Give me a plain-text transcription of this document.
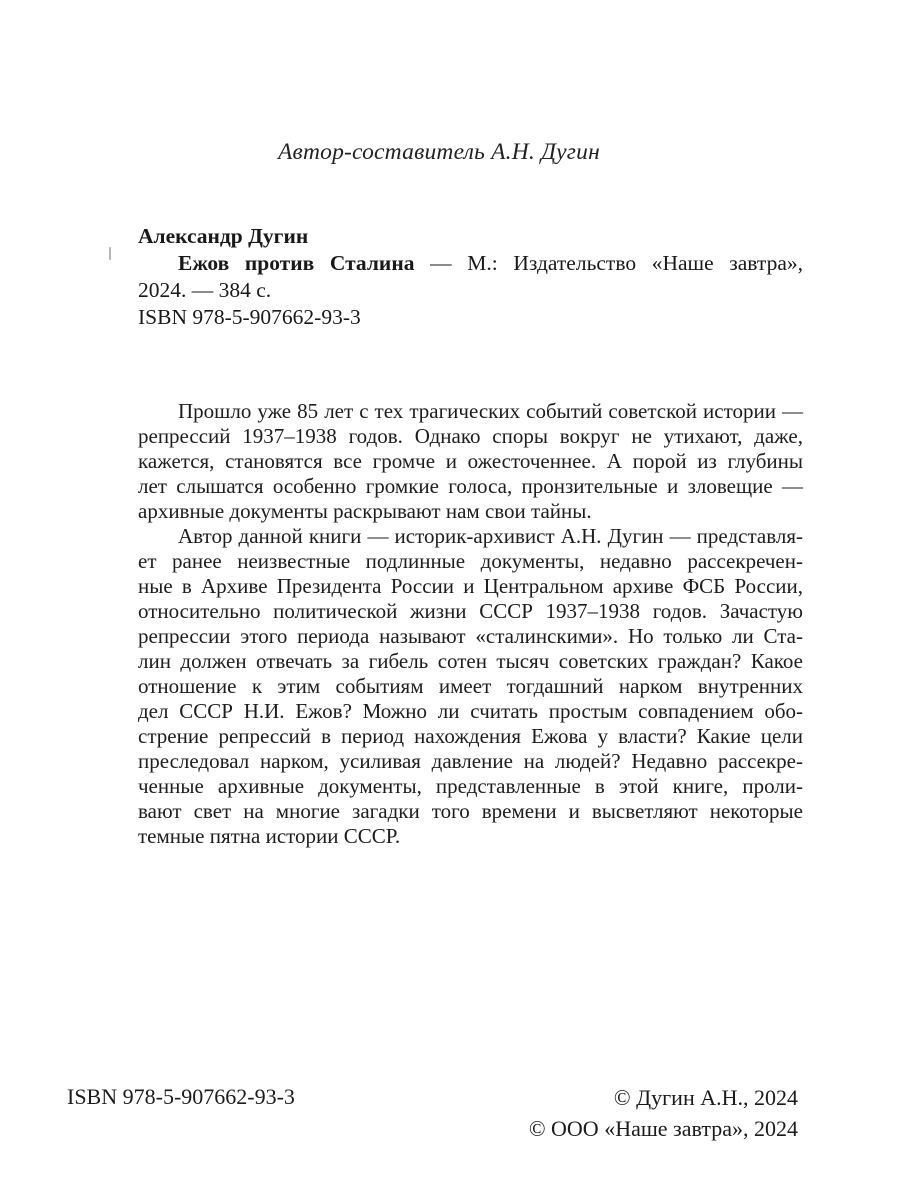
Автор-составитель А.Н. Дугин
Александр Дугин
Ежов против Сталина — М.: Издательство «Наше завтра»,
2024. — 384 с.
ISBN 978-5-907662-93-3
Прошло уже 85 лет с тех трагических событий советской истории —
репрессий 1937–1938 годов. Однако споры вокруг не утихают, даже,
кажется, становятся все громче и ожесточеннее. А порой из глубины
лет слышатся особенно громкие голоса, пронзительные и зловещие —
архивные документы раскрывают нам свои тайны.
Автор данной книги — историк-архивист А.Н. Дугин — представля-
ет ранее неизвестные подлинные документы, недавно рассекречен-
ные в Архиве Президента России и Центральном архиве ФСБ России,
относительно политической жизни СССР 1937–1938 годов. Зачастую
репрессии этого периода называют «сталинскими». Но только ли Ста-
лин должен отвечать за гибель сотен тысяч советских граждан? Какое
отношение к этим событиям имеет тогдашний нарком внутренних
дел СССР Н.И. Ежов? Можно ли считать простым совпадением обо-
стрение репрессий в период нахождения Ежова у власти? Какие цели
преследовал нарком, усиливая давление на людей? Недавно рассекре-
ченные архивные документы, представленные в этой книге, проли-
вают свет на многие загадки того времени и высветляют некоторые
темные пятна истории СССР.
ISBN 978-5-907662-93-3	© Дугин А.Н., 2024
© ООО «Наше завтра», 2024
